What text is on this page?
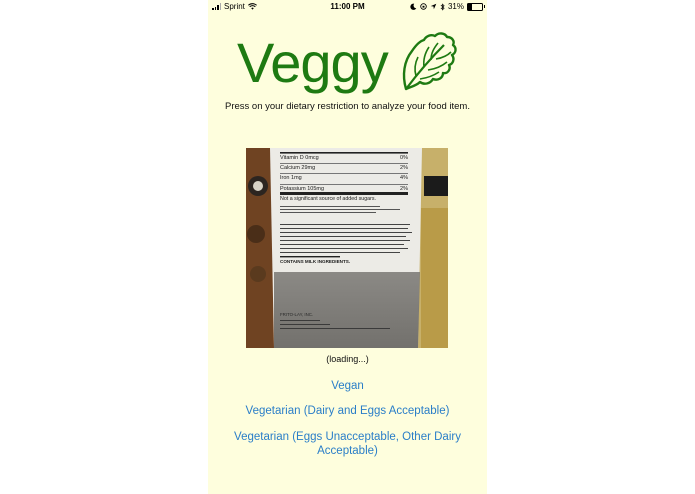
Sprint	11:00 PM	31%
Veggy
Press on your dietary restriction to analyze your food item.
Vitamin D 0mcg	0%
Calcium 29mg	2%
Iron 1mg	4%
Potassium 105mg	2%
Not a significant source of added sugars.
CONTAINS MILK INGREDIENTS.
FRITO-LAY, INC.
(loading...)
Vegan
Vegetarian (Dairy and Eggs Acceptable)
Vegetarian (Eggs Unacceptable, Other Dairy Acceptable)
